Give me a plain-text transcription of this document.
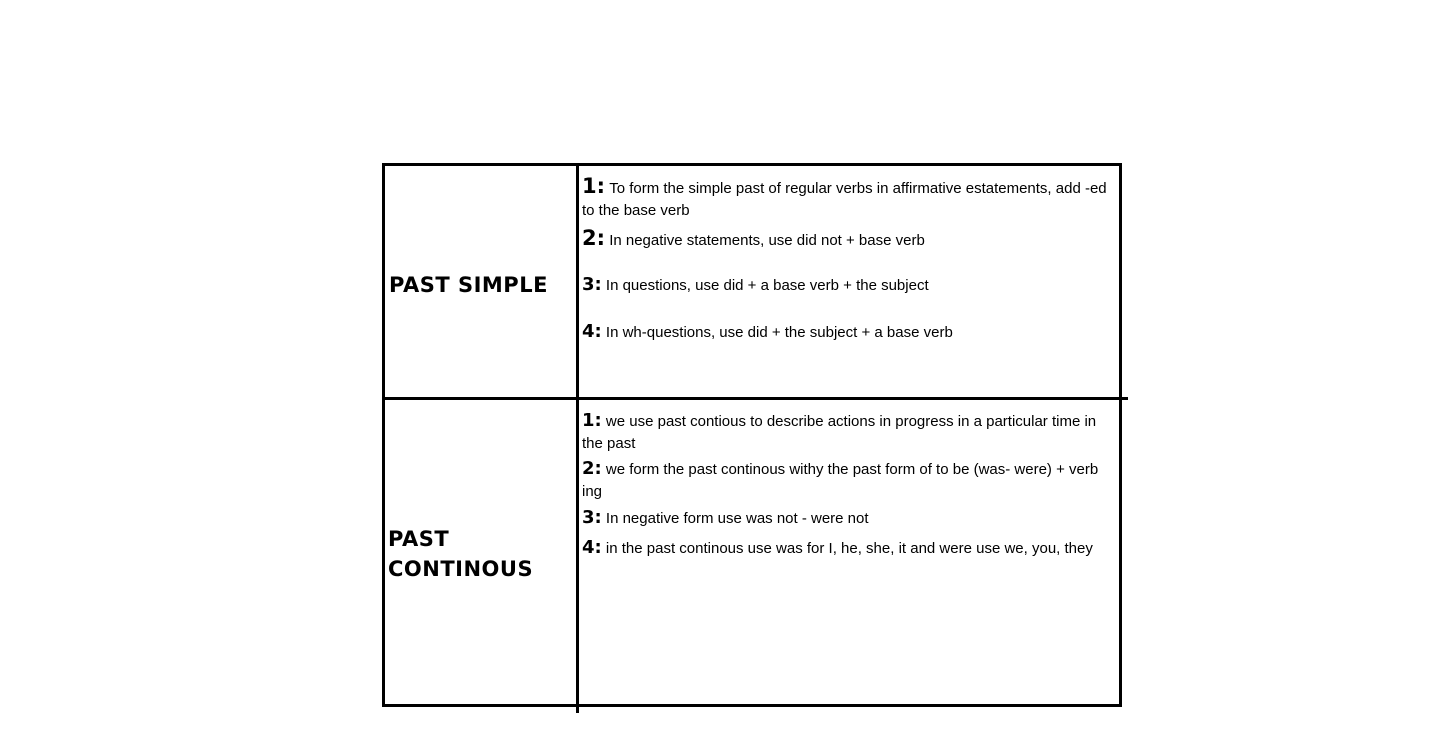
PAST SIMPLE
1: To form the simple past of regular verbs in affirmative estatements, add -ed to the base verb
2: In negative statements, use did not + base verb
3: In questions, use did + a base verb + the subject
4: In wh-questions, use did + the subject + a base verb
PAST CONTINOUS
1: we use past contious to describe actions in progress in a particular time in the past
2: we form the past continous withy the past form of to be (was- were) + verb ing
3: In negative form use was not - were not
4: in the past continous use was for I, he, she, it and were use we, you, they
